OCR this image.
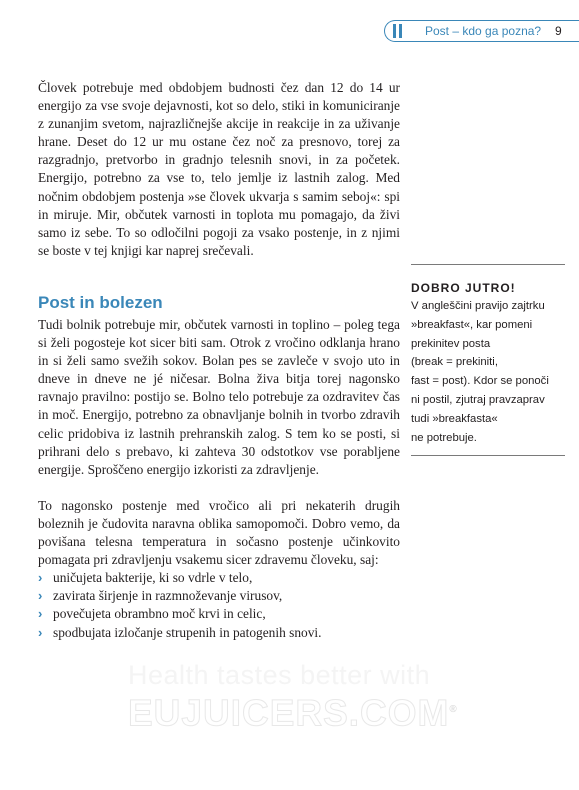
Post – kdo ga pozna? 9

Človek potrebuje med obdobjem budnosti čez dan 12 do 14 ur energijo za vse svoje dejavnosti, kot so delo, stiki in komuniciranje z zunanjim svetom, najrazličnejše akcije in reakcije in za uživanje hrane. Deset do 12 ur mu ostane čez noč za presnovo, torej za razgradnjo, pretvorbo in gradnjo telesnih snovi, in za početek. Energijo, potrebno za vse to, telo jemlje iz lastnih zalog. Med nočnim obdobjem postenja »se človek ukvarja s samim seboj«: spi in miruje. Mir, občutek varnosti in toplota mu pomagajo, da živi samo iz sebe. To so odločilni pogoji za vsako postenje, in z njimi se boste v tej knjigi kar naprej srečevali.

Post in bolezen

Tudi bolnik potrebuje mir, občutek varnosti in toplino – poleg tega si želi pogosteje kot sicer biti sam. Otrok z vročino odklanja hrano in si želi samo svežih sokov. Bolan pes se zavleče v svojo uto in dneve in dneve ne jé ničesar. Bolna živa bitja torej nagonsko ravnajo pravilno: postijo se. Bolno telo potrebuje za ozdravitev čas in moč. Energijo, potrebno za obnavljanje bolnih in tvorbo zdravih celic pridobiva iz lastnih prehranskih zalog. S tem ko se posti, si prihrani delo s prebavo, ki zahteva 30 odstotkov vse porabljene energije. Sproščeno energijo izkoristi za zdravljenje.

To nagonsko postenje med vročico ali pri nekaterih drugih boleznih je čudovita naravna oblika samopomoči. Dobro vemo, da povišana telesna temperatura in sočasno postenje učinkovito pomagata pri zdravljenju vsakemu sicer zdravemu človeku, saj:

› uničujeta bakterije, ki so vdrle v telo,
› zavirata širjenje in razmnoževanje virusov,
› povečujeta obrambno moč krvi in celic,
› spodbujata izločanje strupenih in patogenih snovi.
DOBRO JUTRO!
V angleščini pravijo zajtrku
»breakfast«, kar pomeni
prekinitev posta
(break = prekiniti,
fast = post). Kdor se ponoči
ni postil, zjutraj pravzaprav
tudi »breakfasta«
ne potrebuje.
Health tastes better with
EUJUICERS.COM®
